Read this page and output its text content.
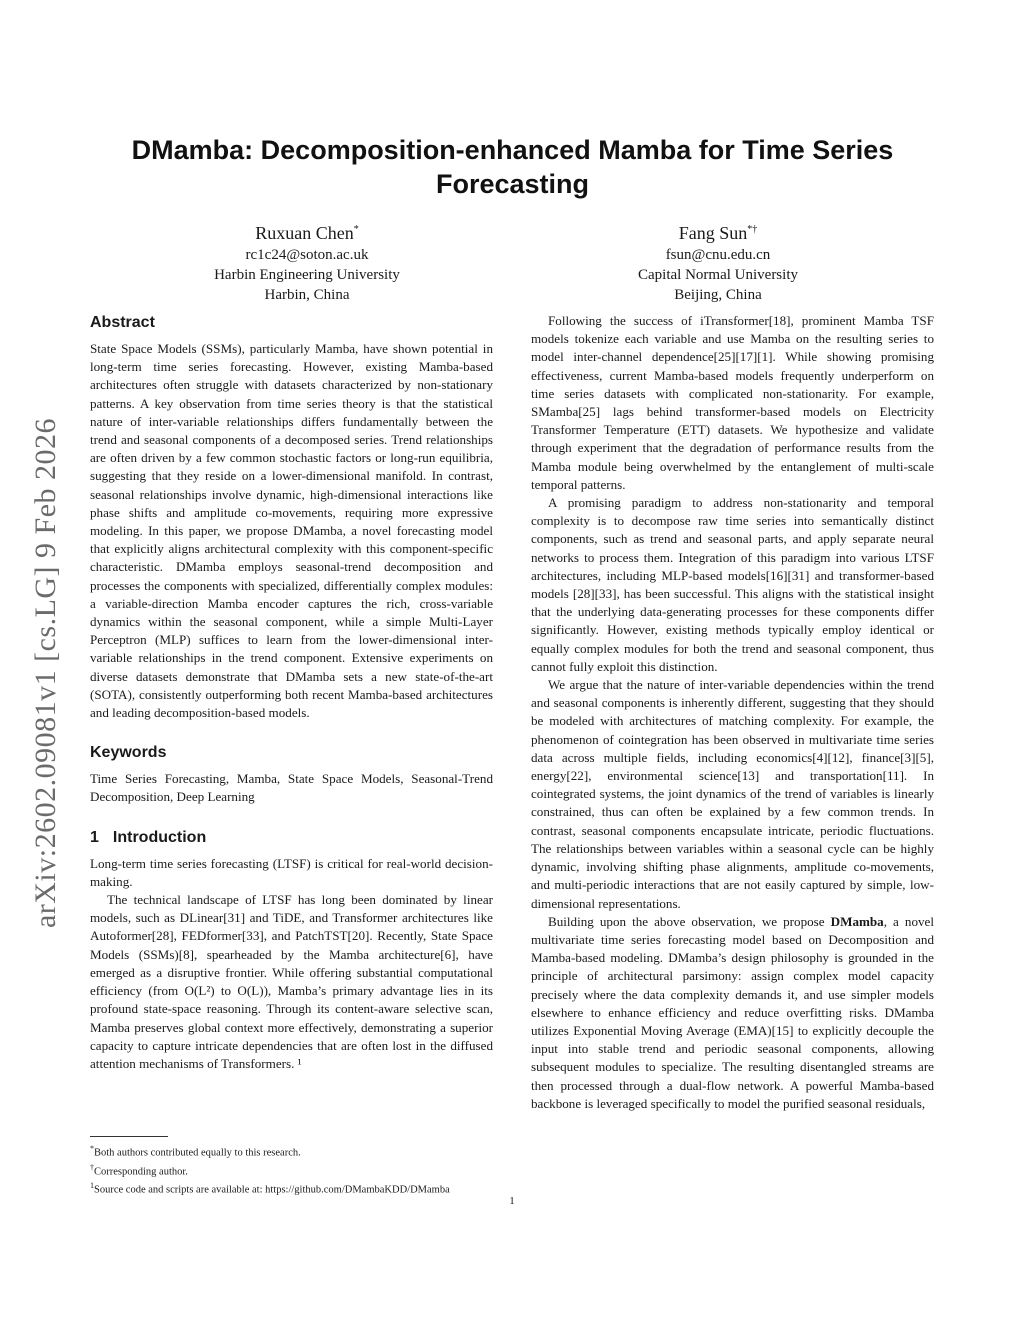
arXiv:2602.09081v1 [cs.LG] 9 Feb 2026
DMamba: Decomposition-enhanced Mamba for Time Series Forecasting
Ruxuan Chen*
rc1c24@soton.ac.uk
Harbin Engineering University
Harbin, China
Fang Sun*†
fsun@cnu.edu.cn
Capital Normal University
Beijing, China
Abstract

State Space Models (SSMs), particularly Mamba, have shown potential in long-term time series forecasting. However, existing Mamba-based architectures often struggle with datasets characterized by non-stationary patterns. A key observation from time series theory is that the statistical nature of inter-variable relationships differs fundamentally between the trend and seasonal components of a decomposed series. Trend relationships are often driven by a few common stochastic factors or long-run equilibria, suggesting that they reside on a lower-dimensional manifold. In contrast, seasonal relationships involve dynamic, high-dimensional interactions like phase shifts and amplitude co-movements, requiring more expressive modeling. In this paper, we propose DMamba, a novel forecasting model that explicitly aligns architectural complexity with this component-specific characteristic. DMamba employs seasonal-trend decomposition and processes the components with specialized, differentially complex modules: a variable-direction Mamba encoder captures the rich, cross-variable dynamics within the seasonal component, while a simple Multi-Layer Perceptron (MLP) suffices to learn from the lower-dimensional inter-variable relationships in the trend component. Extensive experiments on diverse datasets demonstrate that DMamba sets a new state-of-the-art (SOTA), consistently outperforming both recent Mamba-based architectures and leading decomposition-based models.

Keywords

Time Series Forecasting, Mamba, State Space Models, Seasonal-Trend Decomposition, Deep Learning

1 Introduction

Long-term time series forecasting (LTSF) is critical for real-world decision-making.

The technical landscape of LTSF has long been dominated by linear models, such as DLinear[31] and TiDE, and Transformer architectures like Autoformer[28], FEDformer[33], and PatchTST[20]. Recently, State Space Models (SSMs)[8], spearheaded by the Mamba architecture[6], have emerged as a disruptive frontier. While offering substantial computational efficiency (from O(L²) to O(L)), Mamba’s primary advantage lies in its profound state-space reasoning. Through its content-aware selective scan, Mamba preserves global context more effectively, demonstrating a superior capacity to capture intricate dependencies that are often lost in the diffused attention mechanisms of Transformers. ¹

Following the success of iTransformer[18], prominent Mamba TSF models tokenize each variable and use Mamba on the resulting series to model inter-channel dependence[25][17][1]. While showing promising effectiveness, current Mamba-based models frequently underperform on time series datasets with complicated non-stationarity. For example, SMamba[25] lags behind transformer-based models on Electricity Transformer Temperature (ETT) datasets. We hypothesize and validate through experiment that the degradation of performance results from the Mamba module being overwhelmed by the entanglement of multi-scale temporal patterns.

A promising paradigm to address non-stationarity and temporal complexity is to decompose raw time series into semantically distinct components, such as trend and seasonal parts, and apply separate neural networks to process them. Integration of this paradigm into various LTSF architectures, including MLP-based models[16][31] and transformer-based models [28][33], has been successful. This aligns with the statistical insight that the underlying data-generating processes for these components differ significantly. However, existing methods typically employ identical or equally complex modules for both the trend and seasonal component, thus cannot fully exploit this distinction.

We argue that the nature of inter-variable dependencies within the trend and seasonal components is inherently different, suggesting that they should be modeled with architectures of matching complexity. For example, the phenomenon of cointegration has been observed in multivariate time series data across multiple fields, including economics[4][12], finance[3][5], energy[22], environmental science[13] and transportation[11]. In cointegrated systems, the joint dynamics of the trend of variables is linearly constrained, thus can often be explained by a few common trends. In contrast, seasonal components encapsulate intricate, periodic fluctuations. The relationships between variables within a seasonal cycle can be highly dynamic, involving shifting phase alignments, amplitude co-movements, and multi-periodic interactions that are not easily captured by simple, low-dimensional representations.

Building upon the above observation, we propose DMamba, a novel multivariate time series forecasting model based on Decomposition and Mamba-based modeling. DMamba’s design philosophy is grounded in the principle of architectural parsimony: assign complex model capacity precisely where the data complexity demands it, and use simpler models elsewhere to enhance efficiency and reduce overfitting risks. DMamba utilizes Exponential Moving Average (EMA)[15] to explicitly decouple the input into stable trend and periodic seasonal components, allowing subsequent modules to specialize. The resulting disentangled streams are then processed through a dual-flow network. A powerful Mamba-based backbone is leveraged specifically to model the purified seasonal residuals,

*Both authors contributed equally to this research.
†Corresponding author.
$^1$Source code and scripts are available at: https://github.com/DMambaKDD/DMamba
1
